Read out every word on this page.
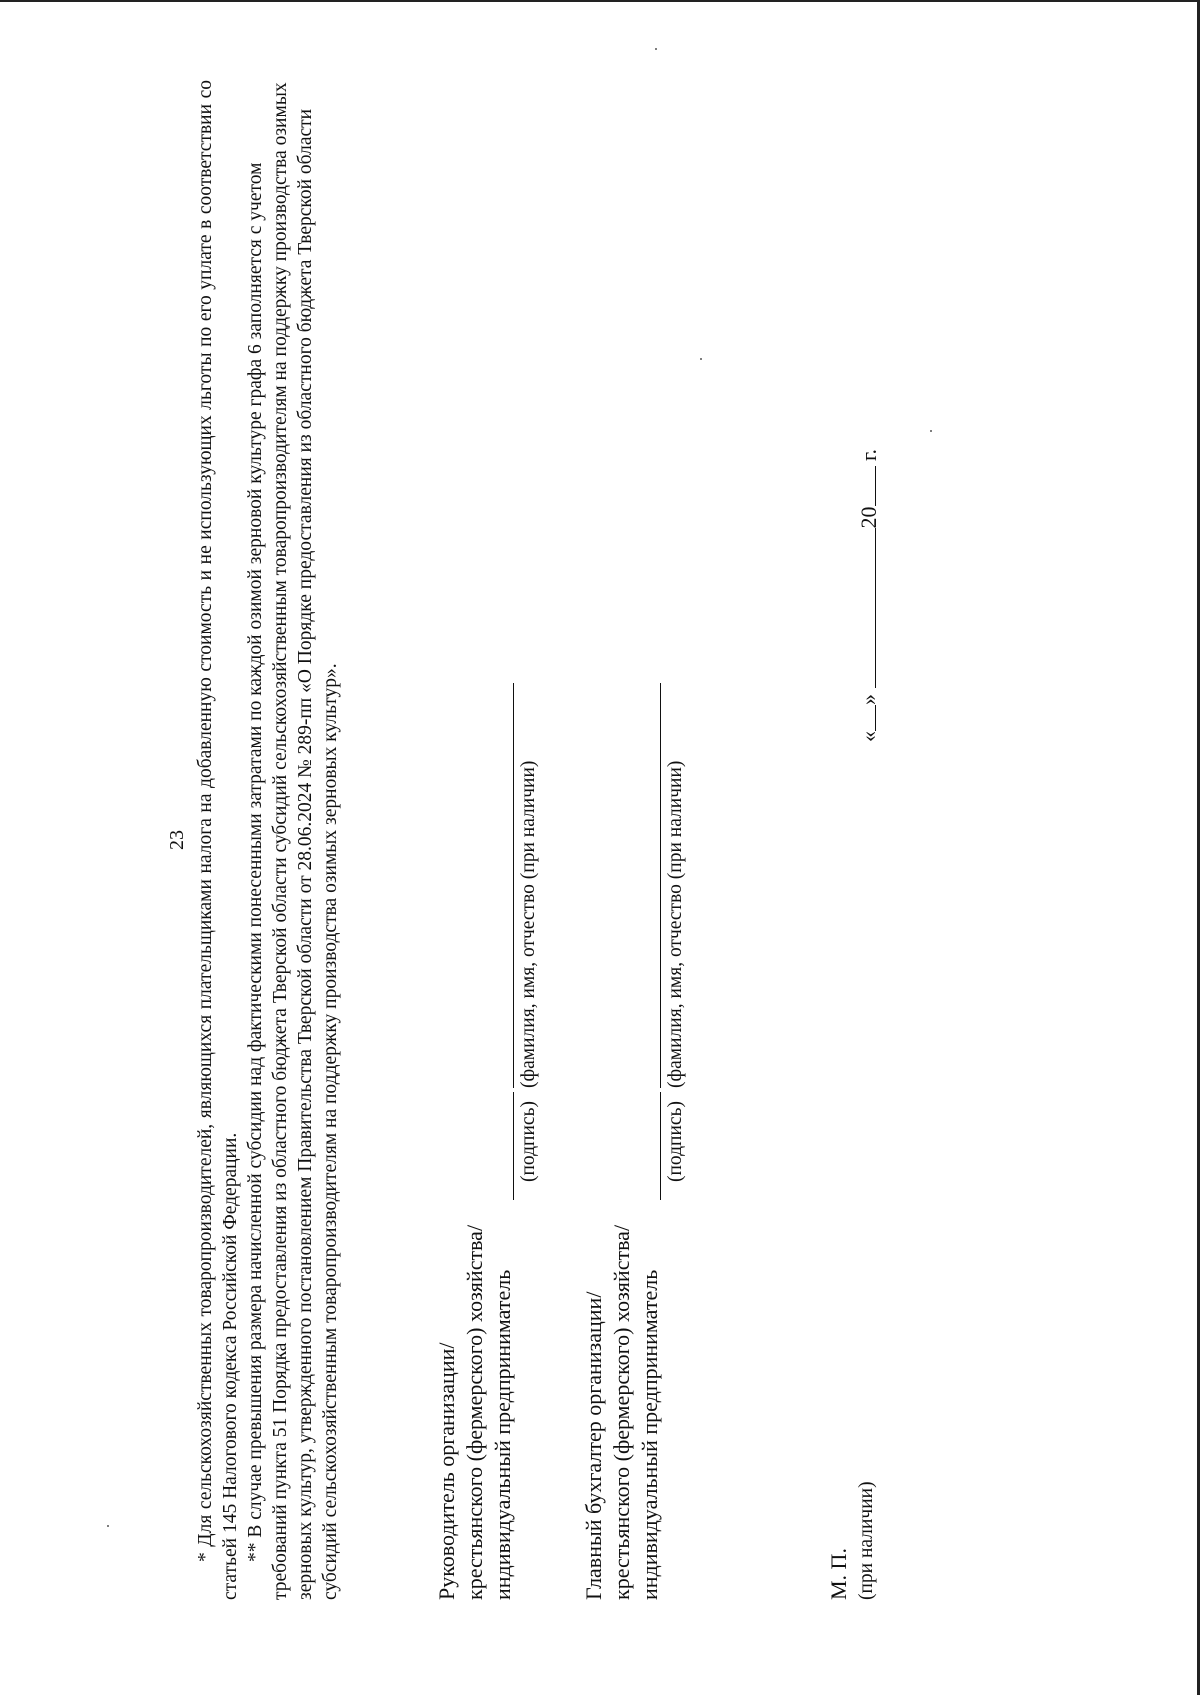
23 * Для сельскохозяйственных товаропроизводителей, являющихся плательщиками налога на добавленную стоимость и не использующих льготы по его уплате в соответствии со статьей 145 Налогового кодекса Российской Федерации. ** В случае превышения размера начисленной субсидии над фактическими понесенными затратами по каждой озимой зерновой культуре графа 6 заполняется с учетом требований пункта 51 Порядка предоставления из областного бюджета Тверской области субсидий сельскохозяйственным товаропроизводителям на поддержку производства озимых зерновых культур, утвержденного постановлением Правительства Тверской области от 28.06.2024 № 289-пп «О Порядке предоставления из областного бюджета Тверской области субсидий сельскохозяйственным товаропроизводителям на поддержку производства озимых зерновых культур».	Руководитель организации/ крестьянского (фермерского) хозяйства/ индивидуальный предприниматель
(подпись)
(фамилия, имя, отчество (при наличии)
Главный бухгалтер организации/ крестьянского (фермерского) хозяйства/ индивидуальный предприниматель
(подпись)
(фамилия, имя, отчество (при наличии)
М. П. (при наличии)
«» 20 г.
